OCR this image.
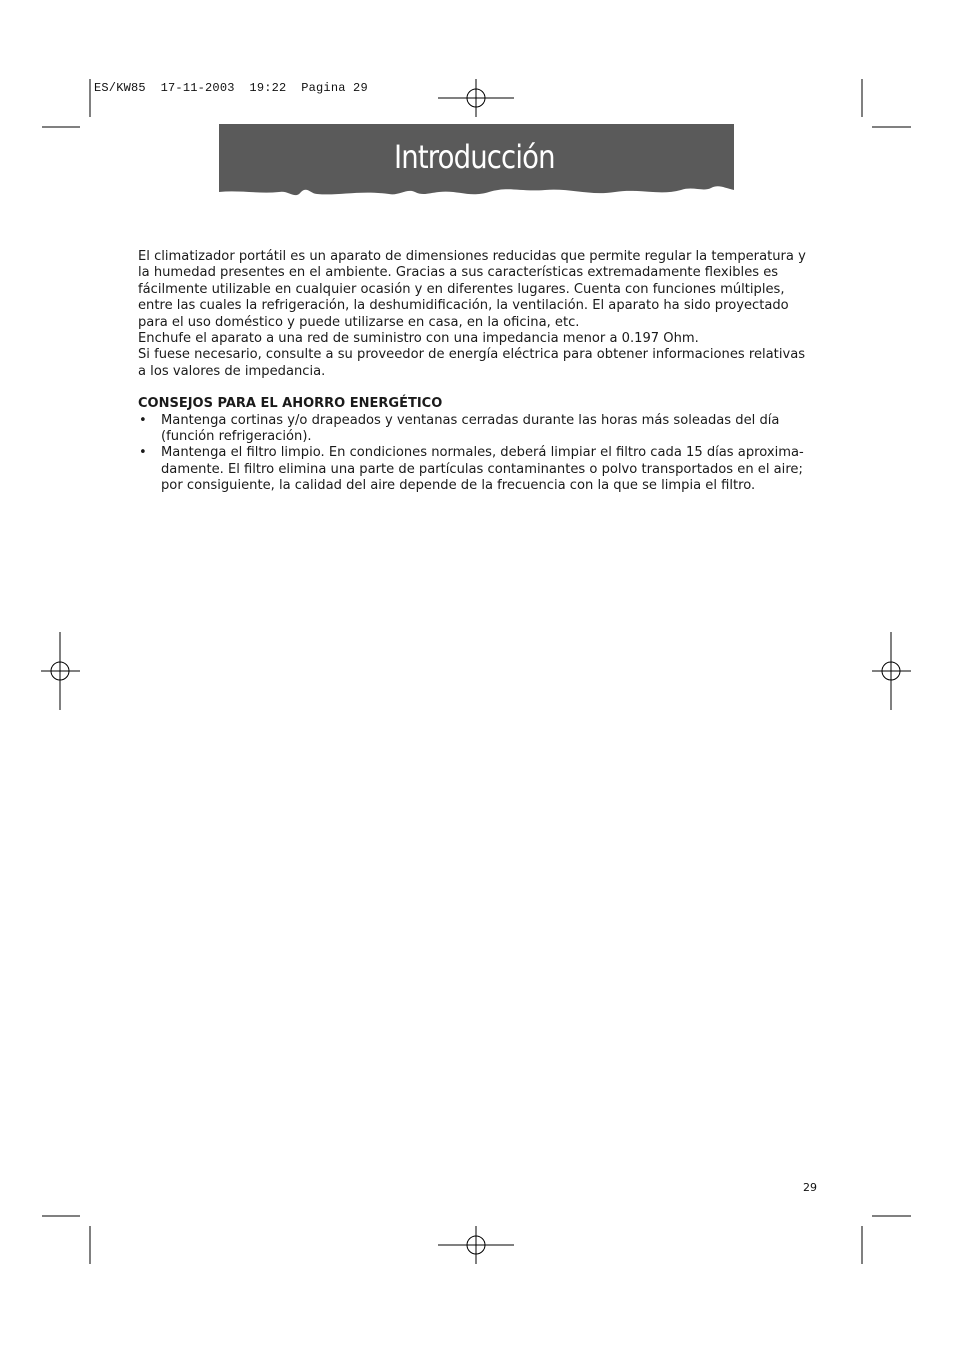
ES/KW85  17-11-2003  19:22  Pagina 29
Introducción

El climatizador portátil es un aparato de dimensiones reducidas que permite regular la temperatura y
la humedad presentes en el ambiente. Gracias a sus características extremadamente flexibles es
fácilmente utilizable en cualquier ocasión y en diferentes lugares. Cuenta con funciones múltiples,
entre las cuales la refrigeración, la deshumidificación, la ventilación. El aparato ha sido proyectado
para el uso doméstico y puede utilizarse en casa, en la oficina, etc.
Enchufe el aparato a una red de suministro con una impedancia menor a 0.197 Ohm.
Si fuese necesario, consulte a su proveedor de energía eléctrica para obtener informaciones relativas
a los valores de impedancia.

CONSEJOS PARA EL AHORRO ENERGÉTICO

• Mantenga cortinas y/o drapeados y ventanas cerradas durante las horas más soleadas del día
(función refrigeración).
• Mantenga el filtro limpio. En condiciones normales, deberá limpiar el filtro cada 15 días aproxima-
damente. El filtro elimina una parte de partículas contaminantes o polvo transportados en el aire;
por consiguiente, la calidad del aire depende de la frecuencia con la que se limpia el filtro.
29
